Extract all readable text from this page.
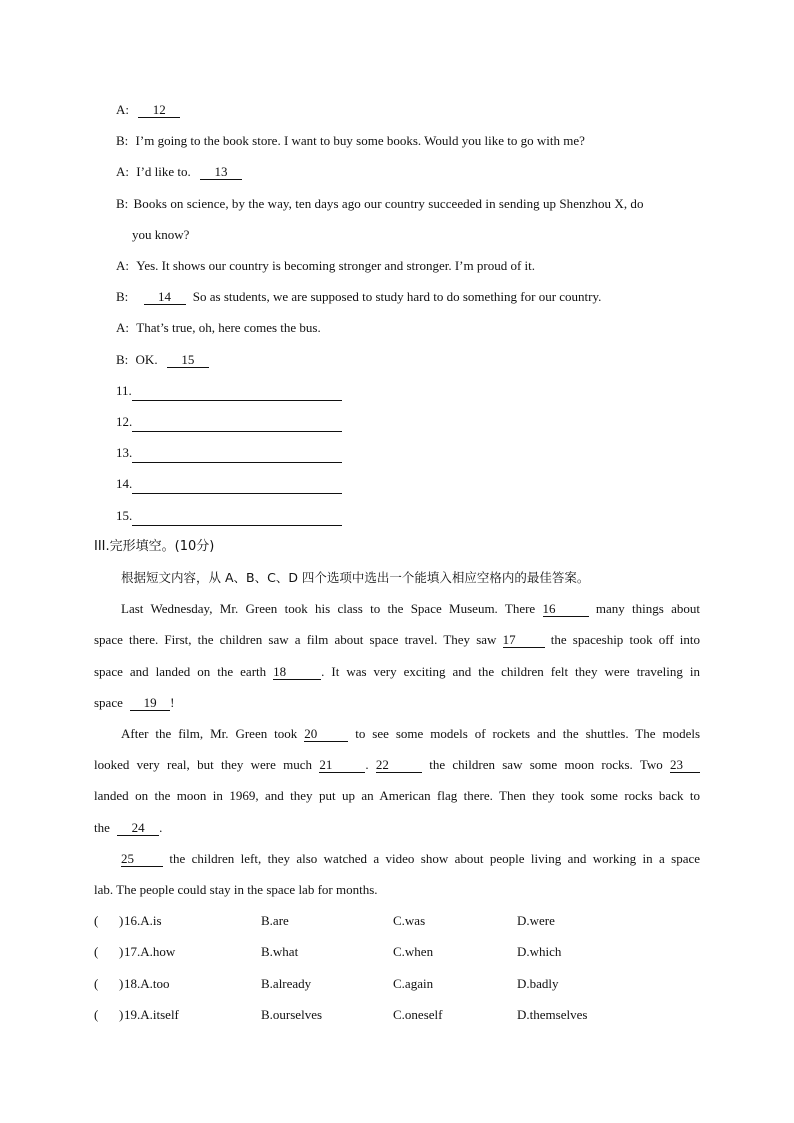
A: 12
B: I’m going to the book store. I want to buy some books. Would you like to go with me?
A: I’d like to. 13
B: Books on science, by the way, ten days ago our country succeeded in sending up Shenzhou X, do
you know?
A: Yes. It shows our country is becoming stronger and stronger. I’m proud of it.
B: 14 So as students, we are supposed to study hard to do something for our country.
A: That’s true, oh, here comes the bus.
B: OK. 15
11.
12.
13.
14.
15.
III.完形填空。(10分)
根据短文内容，从 A、B、C、D 四个选项中选出一个能填入相应空格内的最佳答案。
Last Wednesday, Mr. Green took his class to the Space Museum. There 16	many things about
space there. First, the children saw a film about space travel. They saw 17	the spaceship took off into
space and landed on the earth 18	. It was very exciting and the children felt they were traveling in
space 19 !
After the film, Mr. Green took 20	to see some models of rockets and the shuttles. The models
looked very real, but they were much 21	. 22	the children saw some moon rocks. Two 23
landed on the moon in 1969, and they put up an American flag there. Then they took some rocks back to
the 24 .
25	the children left, they also watched a video show about people living and working in a space
lab. The people could stay in the space lab for months.
( ) 16.A.is	B.are	C.was	D.were
( ) 17.A.how	B.what	C.when	D.which
( ) 18.A.too	B.already	C.again	D.badly
( ) 19.A.itself	B.ourselves	C.oneself	D.themselves
